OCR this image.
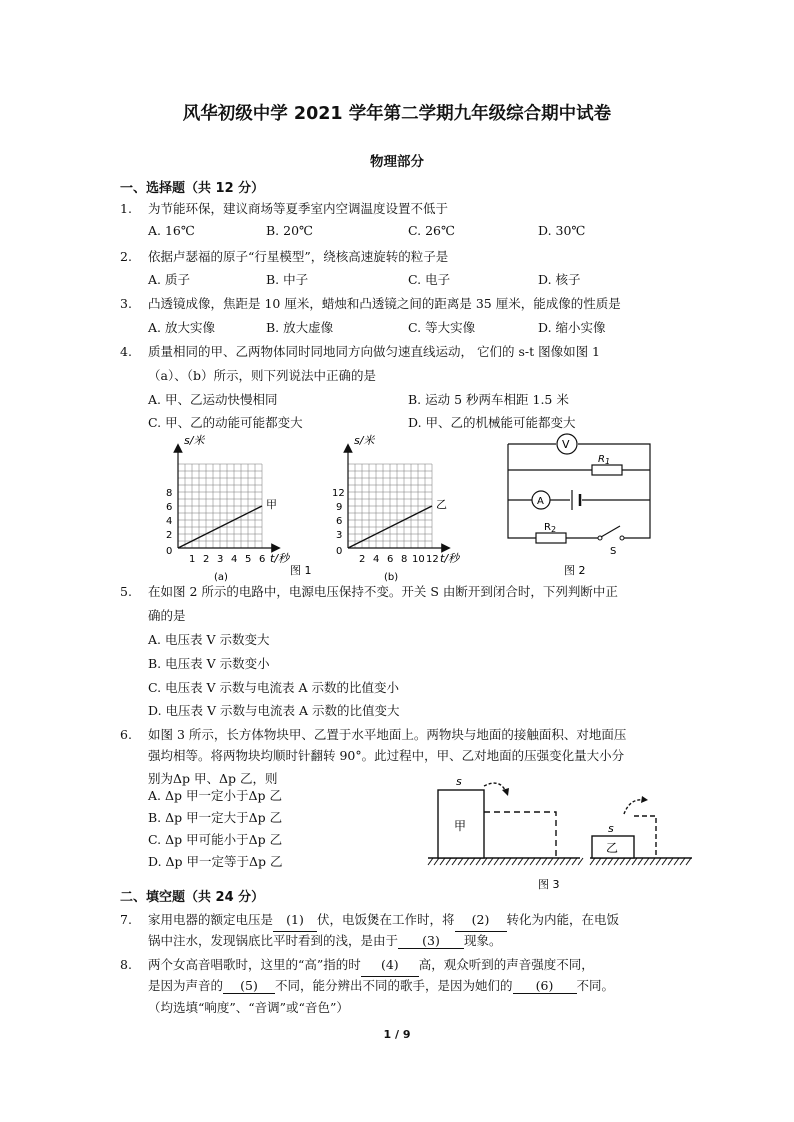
风华初级中学 2021 学年第二学期九年级综合期中试卷
物理部分
一、选择题（共 12 分）
1. 为节能环保，建议商场等夏季室内空调温度设置不低于
A. 16℃	B. 20℃	C. 26℃	D. 30℃
2. 依据卢瑟福的原子“行星模型”，绕核高速旋转的粒子是
A. 质子	B. 中子	C. 电子	D. 核子
3. 凸透镜成像，焦距是 10 厘米，蜡烛和凸透镜之间的距离是 35 厘米，能成像的性质是
A. 放大实像	B. 放大虚像	C. 等大实像	D. 缩小实像
4. 质量相同的甲、乙两物体同时同地同方向做匀速直线运动， 它们的 s-t 图像如图 1
（a）、（b）所示，则下列说法中正确的是
A. 甲、乙运动快慢相同	B. 运动 5 秒两车相距 1.5 米
C. 甲、乙的动能可能都变大	D. 甲、乙的机械能可能都变大
8
6
4
2
1 2 3 4 5 6
0
s/米
t/秒
甲
(a)
12
9
6
3
2 4 6 8 10 12
0
s/米
t/秒
乙
(b)
图 1
V
$R_1$
A
$R_2$
S
图 2
5. 在如图 2 所示的电路中，电源电压保持不变。开关 S 由断开到闭合时，下列判断中正
确的是
A. 电压表 V 示数变大
B. 电压表 V 示数变小
C. 电压表 V 示数与电流表 A 示数的比值变小
D. 电压表 V 示数与电流表 A 示数的比值变大
6. 如图 3 所示，长方体物块甲、乙置于水平地面上。两物块与地面的接触面积、对地面压
强均相等。将两物块均顺时针翻转 90°。此过程中，甲、乙对地面的压强变化量大小分
别为Δp 甲、Δp 乙，则
A. Δp 甲一定小于Δp 乙
B. Δp 甲一定大于Δp 乙
C. Δp 甲可能小于Δp 乙
D. Δp 甲一定等于Δp 乙
s
s
甲
乙
图 3
二、填空题（共 24 分）
7. 家用电器的额定电压是 (1) 伏，电饭煲在工作时，将 (2) 转化为内能，在电饭
锅中注水，发现锅底比平时看到的浅，是由于 (3) 现象。
8. 两个女高音唱歌时，这里的“高”指的时 (4) 高，观众听到的声音强度不同，
是因为声音的 (5) 不同，能分辨出不同的歌手，是因为她们的 (6) 不同。
（均选填“响度”、“音调”或“音色”）
1 / 9
